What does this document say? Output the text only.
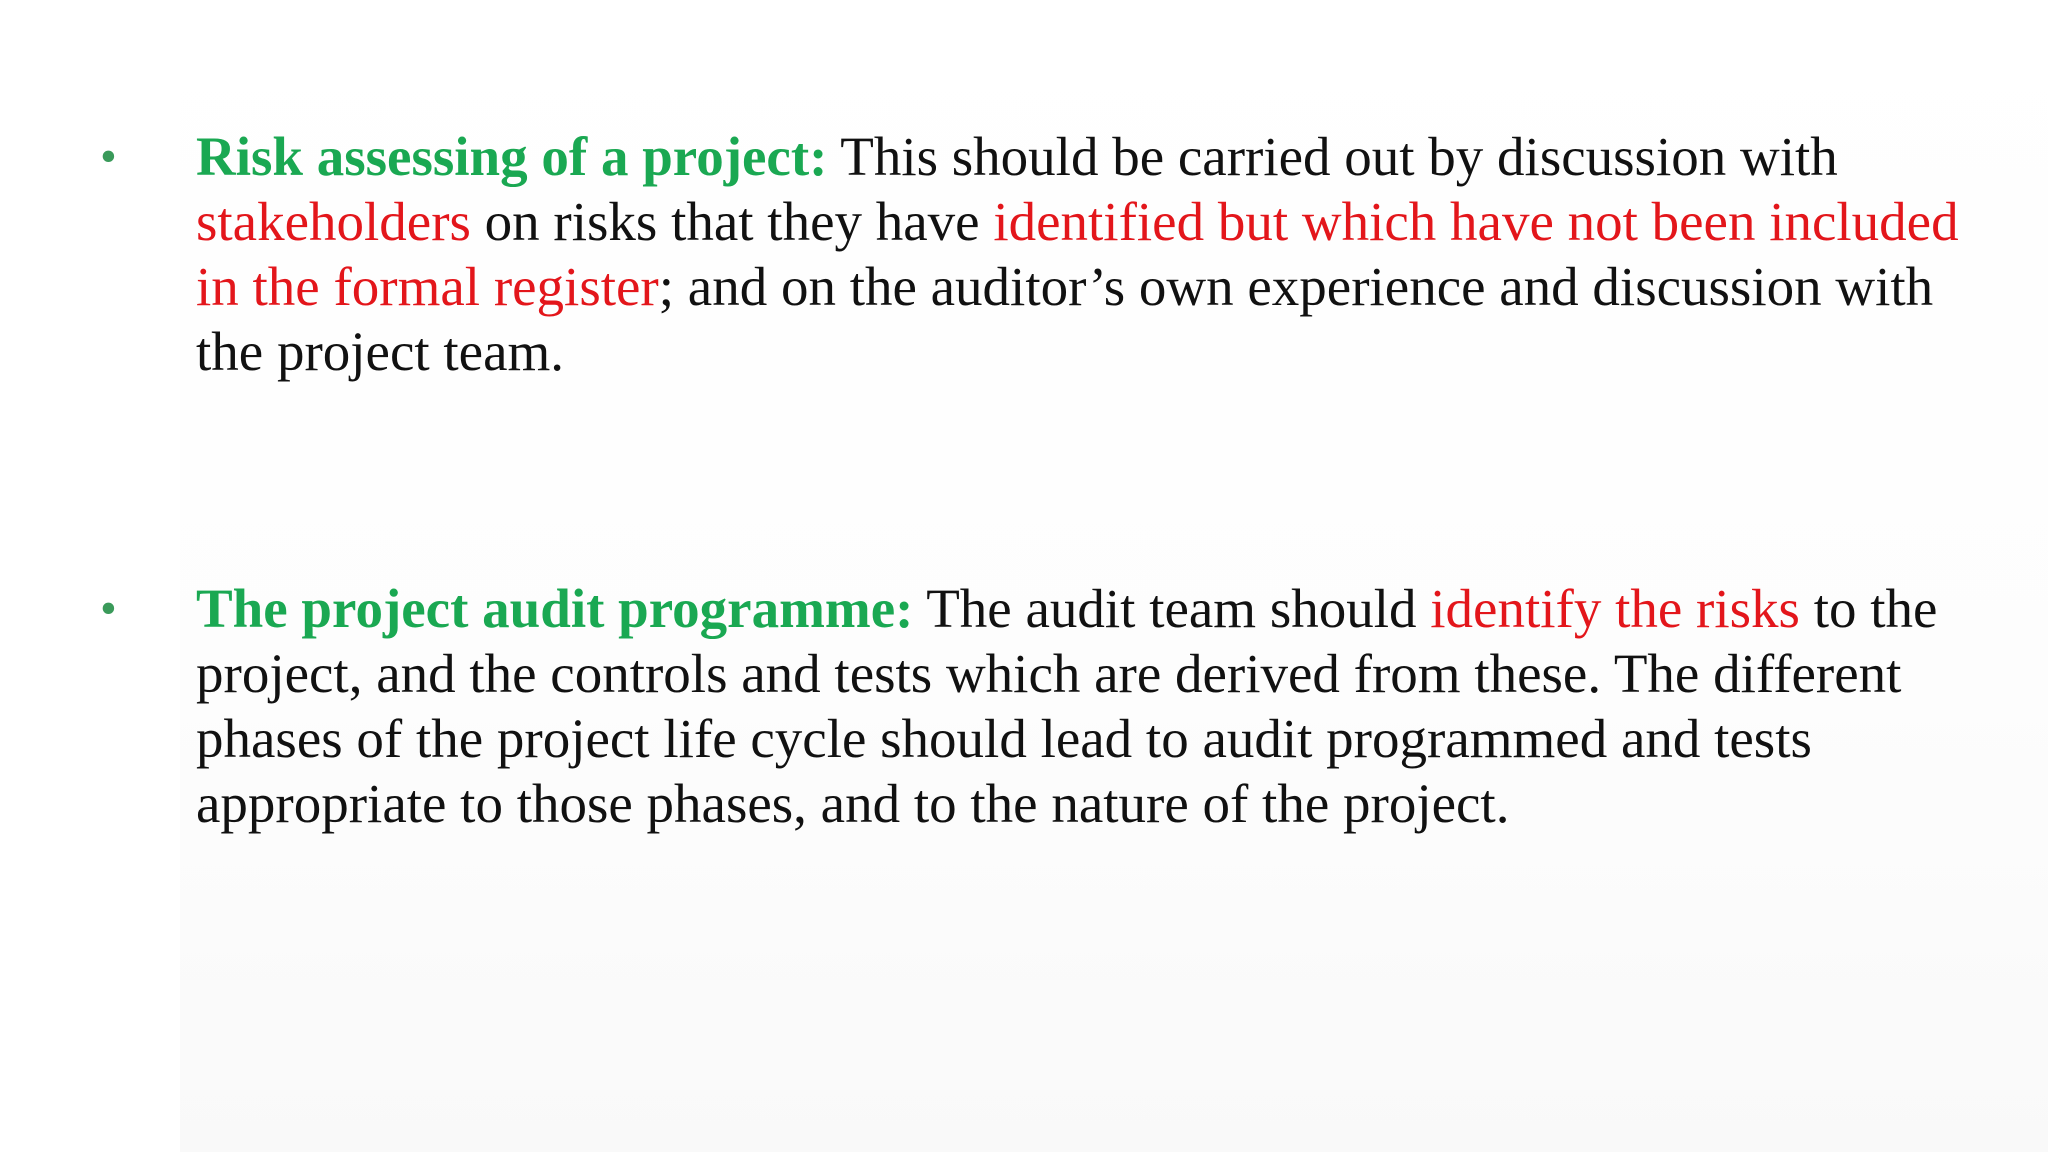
•	Risk assessing of a project: This should be carried out by discussion with stakeholders on risks that they have identified but which have not been included in the formal register; and on the auditor’s own experience and discussion with the project team.

•	The project audit programme: The audit team should identify the risks to the project, and the controls and tests which are derived from these. The different phases of the project life cycle should lead to audit programmed and tests appropriate to those phases, and to the nature of the project.
